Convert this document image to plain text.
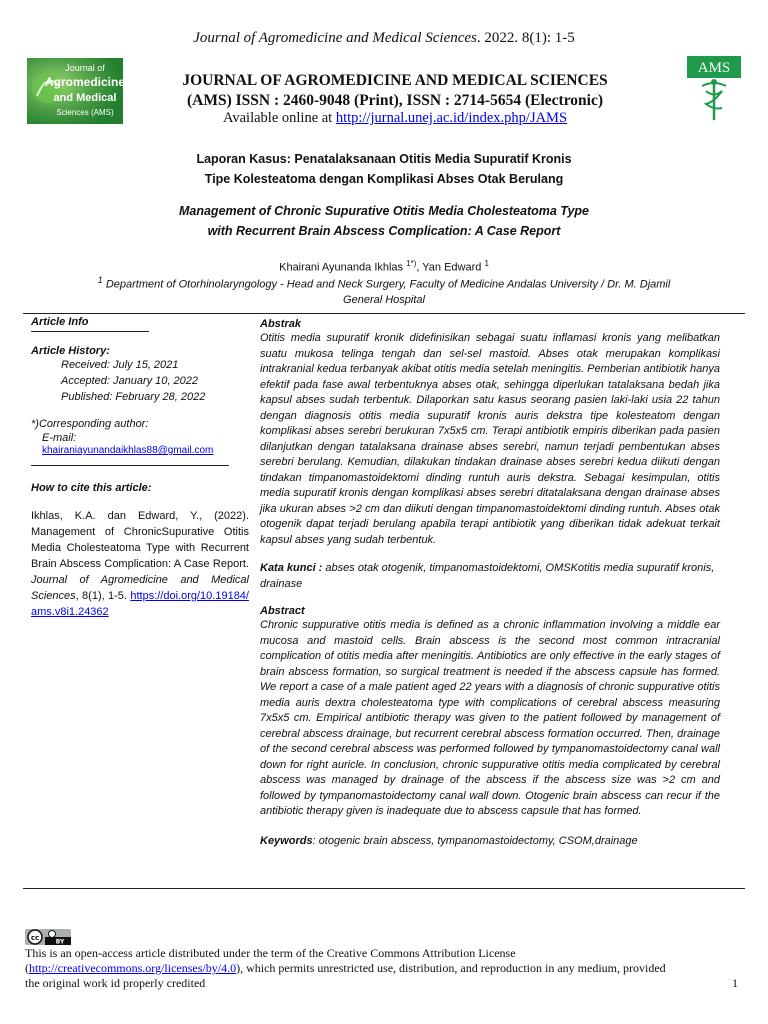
Journal of Agromedicine and Medical Sciences. 2022. 8(1): 1-5
Journal of
Agromedicine
and Medical
Sciences (AMS)
JOURNAL OF AGROMEDICINE AND MEDICAL SCIENCES
(AMS) ISSN : 2460-9048 (Print), ISSN : 2714-5654 (Electronic)
Available online at http://jurnal.unej.ac.id/index.php/JAMS
AMS
Laporan Kasus: Penatalaksanaan Otitis Media Supuratif Kronis
Tipe Kolesteatoma dengan Komplikasi Abses Otak Berulang
Management of Chronic Supurative Otitis Media Cholesteatoma Type
with Recurrent Brain Abscess Complication: A Case Report
Khairani Ayunanda Ikhlas $^{1*)}$, Yan Edward $^1$
$^1$ Department of Otorhinolaryngology - Head and Neck Surgery, Faculty of Medicine Andalas University / Dr. M. Djamil
General Hospital
Article Info
Article History:
Received: July 15, 2021
Accepted: January 10, 2022
Published: February 28, 2022
*)Corresponding author:
E-mail:
khairaniayunandaikhlas88@gmail.com
How to cite this article:
Ikhlas, K.A. dan Edward, Y., (2022). Management of ChronicSupurative Otitis Media Cholesteatoma Type with Recurrent Brain Abscess Complication: A Case Report. Journal of Agromedicine and Medical Sciences, 8(1), 1-5. https://doi.org/10.19184/ams.v8i1.24362
Abstrak
Otitis media supuratif kronik didefinisikan sebagai suatu inflamasi kronis yang melibatkan suatu mukosa telinga tengah dan sel-sel mastoid. Abses otak merupakan komplikasi intrakranial kedua terbanyak akibat otitis media setelah meningitis. Pemberian antibiotik hanya efektif pada fase awal terbentuknya abses otak, sehingga diperlukan tatalaksana bedah jika kapsul abses sudah terbentuk. Dilaporkan satu kasus seorang pasien laki-laki usia 22 tahun dengan diagnosis otitis media supuratif kronis auris dekstra tipe kolesteatom dengan komplikasi abses serebri berukuran 7x5x5 cm. Terapi antibiotik empiris diberikan pada pasien dilanjutkan dengan tatalaksana drainase abses serebri, namun terjadi pembentukan abses serebri berulang. Kemudian, dilakukan tindakan drainase abses serebri kedua diikuti dengan tindakan timpanomastoidektomi dinding runtuh auris dekstra. Sebagai kesimpulan, otitis media supuratif kronis dengan komplikasi abses serebri ditatalaksana dengan drainase abses jika ukuran abses >2 cm dan diikuti dengan timpanomastoidektomi dinding runtuh. Abses otak otogenik dapat terjadi berulang apabila terapi antibiotik yang diberikan tidak adekuat terkait kapsul abses yang sudah terbentuk.
Kata kunci : abses otak otogenik, timpanomastoidektomi, OMSKotitis media supuratif kronis, drainase
Abstract
Chronic suppurative otitis media is defined as a chronic inflammation involving a middle ear mucosa and mastoid cells. Brain abscess is the second most common intracranial complication of otitis media after meningitis. Antibiotics are only effective in the early stages of brain abscess formation, so surgical treatment is needed if the abscess capsule has formed. We report a case of a male patient aged 22 years with a diagnosis of chronic suppurative otitis media auris dextra cholesteatoma type with complications of cerebral abscess measuring 7x5x5 cm. Empirical antibiotic therapy was given to the patient followed by management of cerebral abscess drainage, but recurrent cerebral abscess formation occurred. Then, drainage of the second cerebral abscess was performed followed by tympanomastoidectomy canal wall down for right auricle. In conclusion, chronic suppurative otitis media complicated by cerebral abscess was managed by drainage of the abscess if the abscess size was >2 cm and followed by tympanomastoidectomy canal wall down. Otogenic brain abscess can recur if the antibiotic therapy given is inadequate due to abscess capsule that has formed.
Keywords: otogenic brain abscess, tympanomastoidectomy, CSOM,drainage
cc	BY
This is an open-access article distributed under the term of the Creative Commons Attribution License
(http://creativecommons.org/licenses/by/4.0), which permits unrestricted use, distribution, and reproduction in any medium, provided
the original work id properly credited	1
